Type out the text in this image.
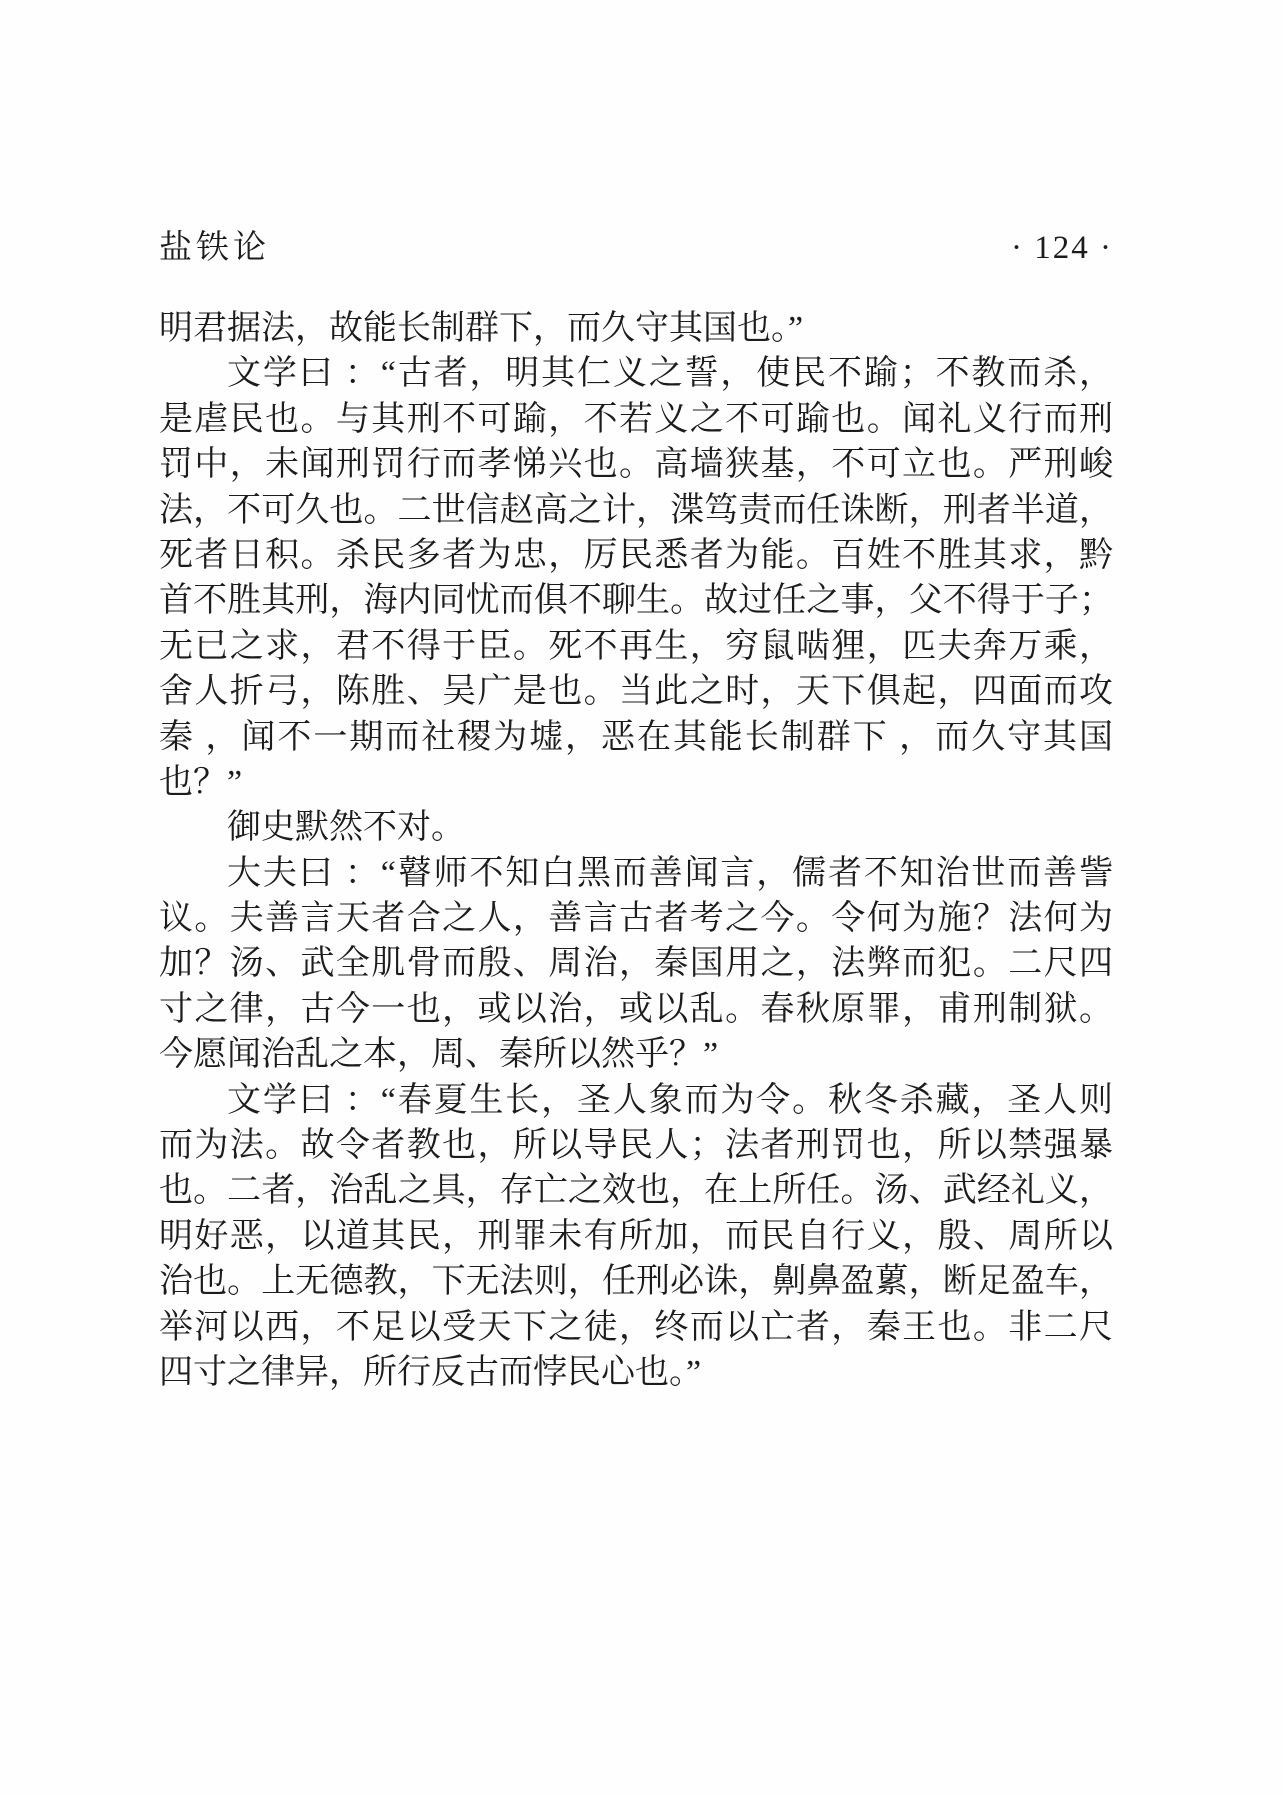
盐铁论	· 124 ·
明君据法，故能长制群下，而久守其国也。”
文学曰 ：“古者，明其仁义之誓，使民不踰；不教而杀，
是虐民也。与其刑不可踰，不若义之不可踰也。闻礼义行而刑
罚中，未闻刑罚行而孝悌兴也。高墙狭基，不可立也。严刑峻
法，不可久也。二世信赵高之计，渫笃责而任诛断，刑者半道，
死者日积。杀民多者为忠，厉民悉者为能。百姓不胜其求，黔
首不胜其刑，海内同忧而俱不聊生。故过任之事，父不得于子；
无已之求，君不得于臣。死不再生，穷鼠啮狸，匹夫奔万乘，
舍人折弓，陈胜、吴广是也。当此之时，天下俱起，四面而攻
秦 ，闻不一期而社稷为墟，恶在其能长制群下 ，而久守其国
也？”
御史默然不对。
大夫曰 ：“瞽师不知白黑而善闻言，儒者不知治世而善訾
议。夫善言天者合之人，善言古者考之今。令何为施？法何为
加？汤、武全肌骨而殷、周治，秦国用之，法弊而犯。二尺四
寸之律，古今一也，或以治，或以乱。春秋原罪，甫刑制狱。
今愿闻治乱之本，周、秦所以然乎？”
文学曰 ：“春夏生长，圣人象而为令。秋冬杀藏，圣人则
而为法。故令者教也，所以导民人；法者刑罚也，所以禁强暴
也。二者，治乱之具，存亡之效也，在上所任。汤、武经礼义，
明好恶，以道其民，刑罪未有所加，而民自行义，殷、周所以
治也。上无德教，下无法则，任刑必诛，劓鼻盈蔂，断足盈车，
举河以西，不足以受天下之徒，终而以亡者，秦王也。非二尺
四寸之律异，所行反古而悖民心也。”
